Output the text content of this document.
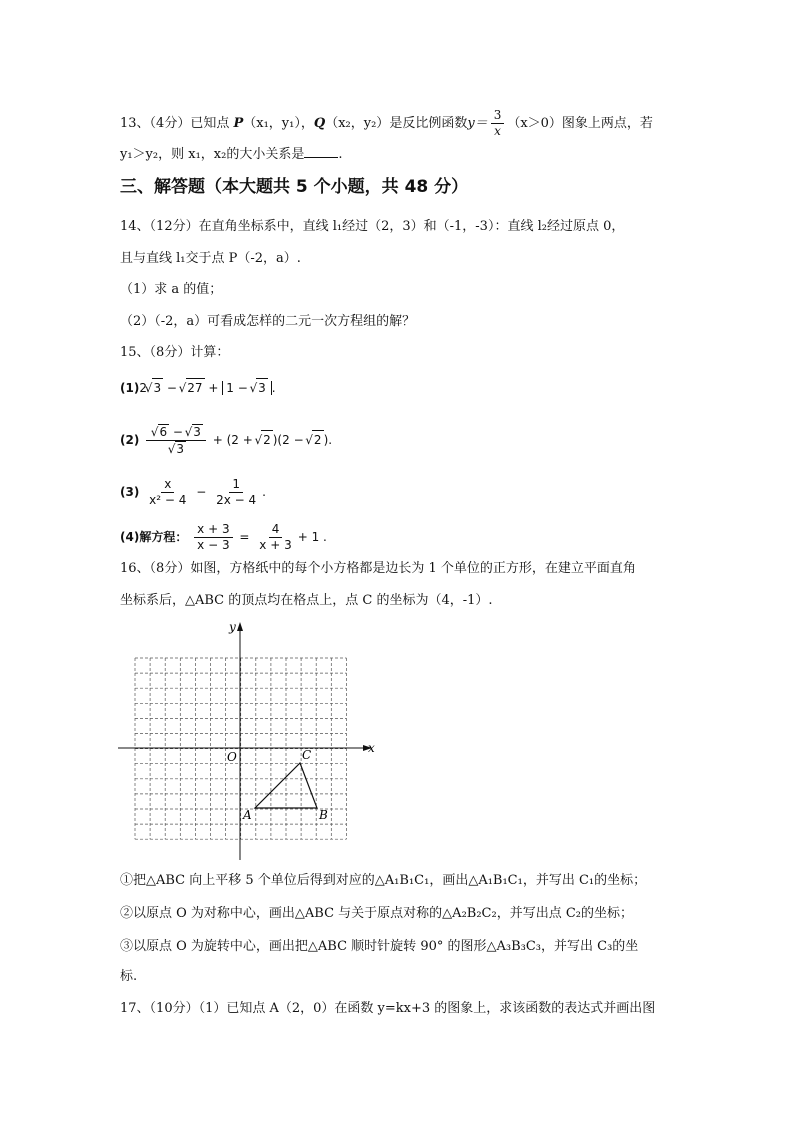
13、（4分）已知点 P（x₁，y₁），Q（x₂，y₂）是反比例函数$y= \frac{3}{x} (x>0)$图象上两点，若
y₁＞y₂，则 x₁，x₂的大小关系是	.
三、解答题（本大题共 5 个小题，共 48 分）
14、（12分）在直角坐标系中，直线 l₁经过（2，3）和（-1，-3）：直线 l₂经过原点 0，
且与直线 l₁交于点 P（-2，a）.
（1）求 a 的值；
（2）（-2，a）可看成怎样的二元一次方程组的解？
15、（8分）计算：
(1)2 √ 3 − √ 27 + 1 − √ 3 .
(2) √ 6 − √ 3
√ 3 + (2 + √ 2 )(2 − √ 2 ).
$(3) \frac{x}{\text{x² − 4}} - \frac{1}{2x - 4}$ .
(4)解方程： $\frac{x + 3}{x - 3} = \frac{4}{x + 3} + 1$ .
16、（8分）如图，方格纸中的每个小方格都是边长为 1 个单位的正方形，在建立平面直角
坐标系后，△ABC 的顶点均在格点上，点 C 的坐标为（4，-1）.
x
y
O
A	B
C
①把△ABC 向上平移 5 个单位后得到对应的△A₁B₁C₁，画出△A₁B₁C₁，并写出 C₁的坐标；
②以原点 O 为对称中心，画出△ABC 与关于原点对称的△A₂B₂C₂，并写出点 C₂的坐标；
③以原点 O 为旋转中心，画出把△ABC 顺时针旋转 90° 的图形△A₃B₃C₃，并写出 C₃的坐
标.
17、（10分）（1）已知点 A（2，0）在函数 y=kx+3 的图象上，求该函数的表达式并画出图
